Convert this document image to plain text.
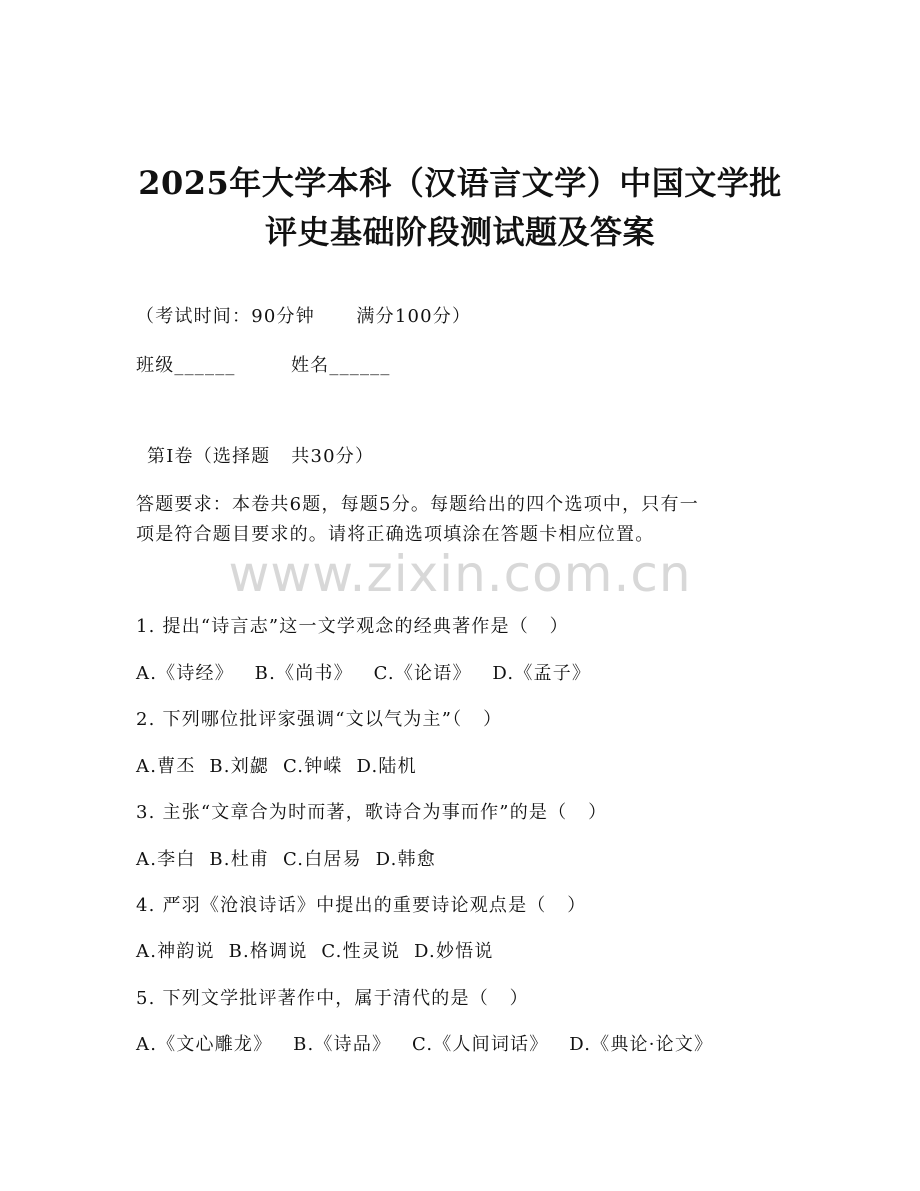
2025年大学本科（汉语言文学）中国文学批
评史基础阶段测试题及答案
（考试时间：90分钟      满分100分）
班级______        姓名______
第Ⅰ卷（选择题   共30分）
答题要求：本卷共6题，每题5分。每题给出的四个选项中，只有一
项是符合题目要求的。请将正确选项填涂在答题卡相应位置。
www.zixin.com.cn
1. 提出“诗言志”这一文学观念的经典著作是（   ）
A.《诗经》   B.《尚书》   C.《论语》   D.《孟子》
2. 下列哪位批评家强调“文以气为主”（   ）
A.曹丕  B.刘勰  C.钟嵘  D.陆机
3. 主张“文章合为时而著，歌诗合为事而作”的是（   ）
A.李白  B.杜甫  C.白居易  D.韩愈
4. 严羽《沧浪诗话》中提出的重要诗论观点是（   ）
A.神韵说  B.格调说  C.性灵说  D.妙悟说
5. 下列文学批评著作中，属于清代的是（   ）
A.《文心雕龙》   B.《诗品》   C.《人间词话》   D.《典论·论文》
